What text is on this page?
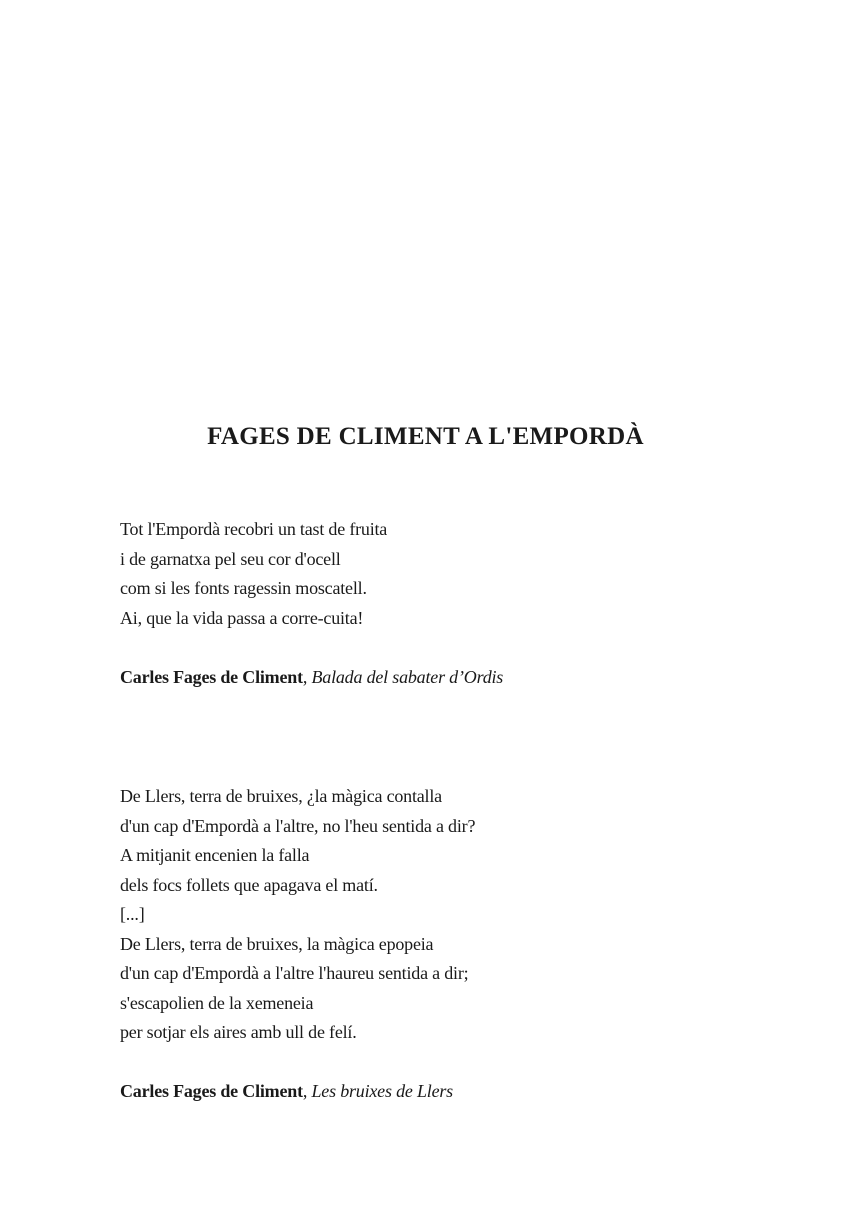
FAGES DE CLIMENT A L'EMPORDÀ
Tot l'Empordà recobri un tast de fruita
i de garnatxa pel seu cor d'ocell
com si les fonts ragessin moscatell.
Ai, que la vida passa a corre-cuita!

Carles Fages de Climent, Balada del sabater d’Ordis

De Llers, terra de bruixes, ¿la màgica contalla
d'un cap d'Empordà a l'altre, no l'heu sentida a dir?
A mitjanit encenien la falla
dels focs follets que apagava el matí.
[...]
De Llers, terra de bruixes, la màgica epopeia
d'un cap d'Empordà a l'altre l'haureu sentida a dir;
s'escapolien de la xemeneia
per sotjar els aires amb ull de felí.

Carles Fages de Climent, Les bruixes de Llers
